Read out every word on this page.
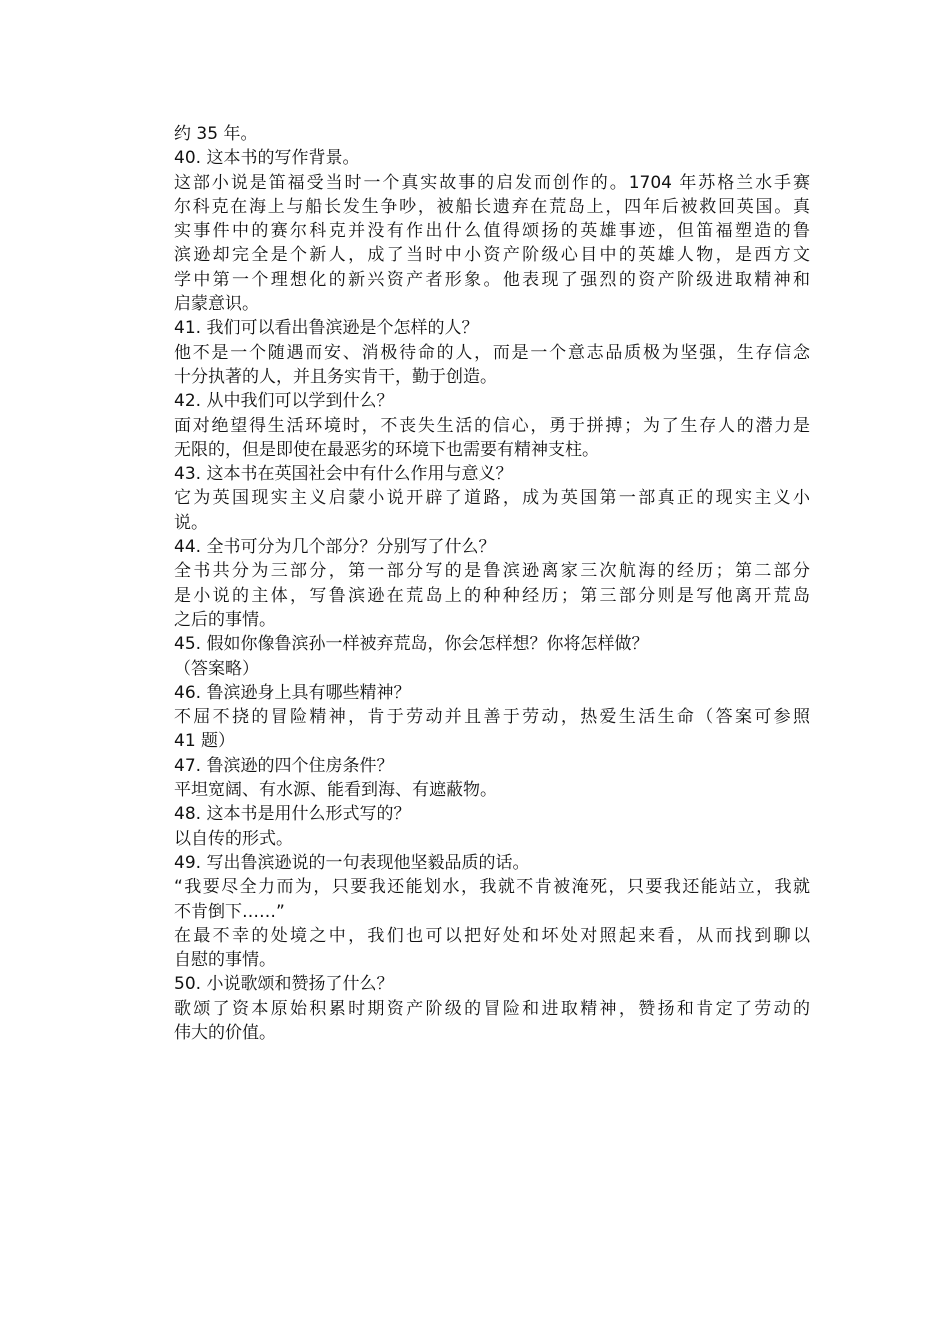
约 35 年。
40. 这本书的写作背景。
这部小说是笛福受当时一个真实故事的启发而创作的。1704 年苏格兰水手赛
尔科克在海上与船长发生争吵，被船长遗弃在荒岛上，四年后被救回英国。真
实事件中的赛尔科克并没有作出什么值得颂扬的英雄事迹，但笛福塑造的鲁
滨逊却完全是个新人，成了当时中小资产阶级心目中的英雄人物，是西方文
学中第一个理想化的新兴资产者形象。他表现了强烈的资产阶级进取精神和
启蒙意识。
41. 我们可以看出鲁滨逊是个怎样的人？
他不是一个随遇而安、消极待命的人，而是一个意志品质极为坚强，生存信念
十分执著的人，并且务实肯干，勤于创造。
42. 从中我们可以学到什么？
面对绝望得生活环境时，不丧失生活的信心，勇于拼搏；为了生存人的潜力是
无限的，但是即使在最恶劣的环境下也需要有精神支柱。
43. 这本书在英国社会中有什么作用与意义？
它为英国现实主义启蒙小说开辟了道路，成为英国第一部真正的现实主义小
说。
44. 全书可分为几个部分？分别写了什么？
全书共分为三部分，第一部分写的是鲁滨逊离家三次航海的经历；第二部分
是小说的主体，写鲁滨逊在荒岛上的种种经历；第三部分则是写他离开荒岛
之后的事情。
45. 假如你像鲁滨孙一样被弃荒岛，你会怎样想？你将怎样做？
（答案略）
46. 鲁滨逊身上具有哪些精神？
不屈不挠的冒险精神，肯于劳动并且善于劳动，热爱生活生命（答案可参照
41 题）
47. 鲁滨逊的四个住房条件？
平坦宽阔、有水源、能看到海、有遮蔽物。
48. 这本书是用什么形式写的？
以自传的形式。
49. 写出鲁滨逊说的一句表现他坚毅品质的话。
“我要尽全力而为，只要我还能划水，我就不肯被淹死，只要我还能站立，我就
不肯倒下……”
在最不幸的处境之中，我们也可以把好处和坏处对照起来看，从而找到聊以
自慰的事情。
50. 小说歌颂和赞扬了什么？
歌颂了资本原始积累时期资产阶级的冒险和进取精神，赞扬和肯定了劳动的
伟大的价值。
